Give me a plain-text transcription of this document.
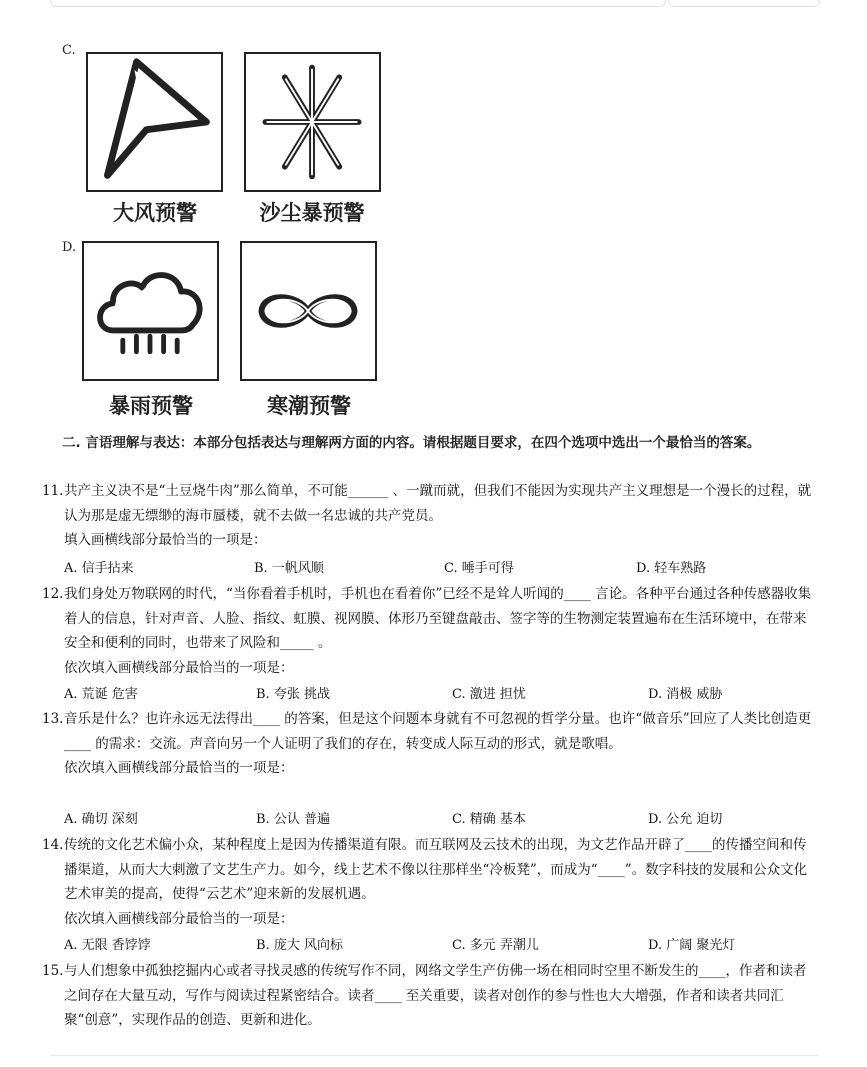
C.
大风预警	沙尘暴预警
D.
暴雨预警	寒潮预警
二. 言语理解与表达：本部分包括表达与理解两方面的内容。请根据题目要求，在四个选项中选出一个最恰当的答案。
11. 共产主义决不是“土豆烧牛肉”那么简单，不可能______ 、一蹴而就，但我们不能因为实现共产主义理想是一个漫长的过程，就认为那是虚无缥缈的海市蜃楼，就不去做一名忠诚的共产党员。
填入画横线部分最恰当的一项是：
A. 信手拈来	B. 一帆风顺	C. 唾手可得	D. 轻车熟路
12. 我们身处万物联网的时代，“当你看着手机时，手机也在看着你”已经不是耸人听闻的____ 言论。各种平台通过各种传感器收集着人的信息，针对声音、人脸、指纹、虹膜、视网膜、体形乃至键盘敲击、签字等的生物测定装置遍布在生活环境中，在带来安全和便利的同时，也带来了风险和_____ 。
依次填入画横线部分最恰当的一项是：
A. 荒诞 危害	B. 夸张 挑战	C. 激进 担忧	D. 消极 威胁
13. 音乐是什么？也许永远无法得出____ 的答案，但是这个问题本身就有不可忽视的哲学分量。也许“做音乐”回应了人类比创造更____ 的需求：交流。声音向另一个人证明了我们的存在，转变成人际互动的形式，就是歌唱。
依次填入画横线部分最恰当的一项是：
A. 确切 深刻	B. 公认 普遍	C. 精确 基本	D. 公允 迫切
14. 传统的文化艺术偏小众，某种程度上是因为传播渠道有限。而互联网及云技术的出现，为文艺作品开辟了____的传播空间和传播渠道，从而大大刺激了文艺生产力。如今，线上艺术不像以往那样坐“冷板凳”，而成为“____”。数字科技的发展和公众文化艺术审美的提高，使得“云艺术”迎来新的发展机遇。
依次填入画横线部分最恰当的一项是：
A. 无限 香饽饽	B. 庞大 风向标	C. 多元 弄潮儿	D. 广阔 聚光灯
15. 与人们想象中孤独挖掘内心或者寻找灵感的传统写作不同，网络文学生产仿佛一场在相同时空里不断发生的____，作者和读者之间存在大量互动，写作与阅读过程紧密结合。读者____ 至关重要，读者对创作的参与性也大大增强，作者和读者共同汇聚“创意”，实现作品的创造、更新和进化。
